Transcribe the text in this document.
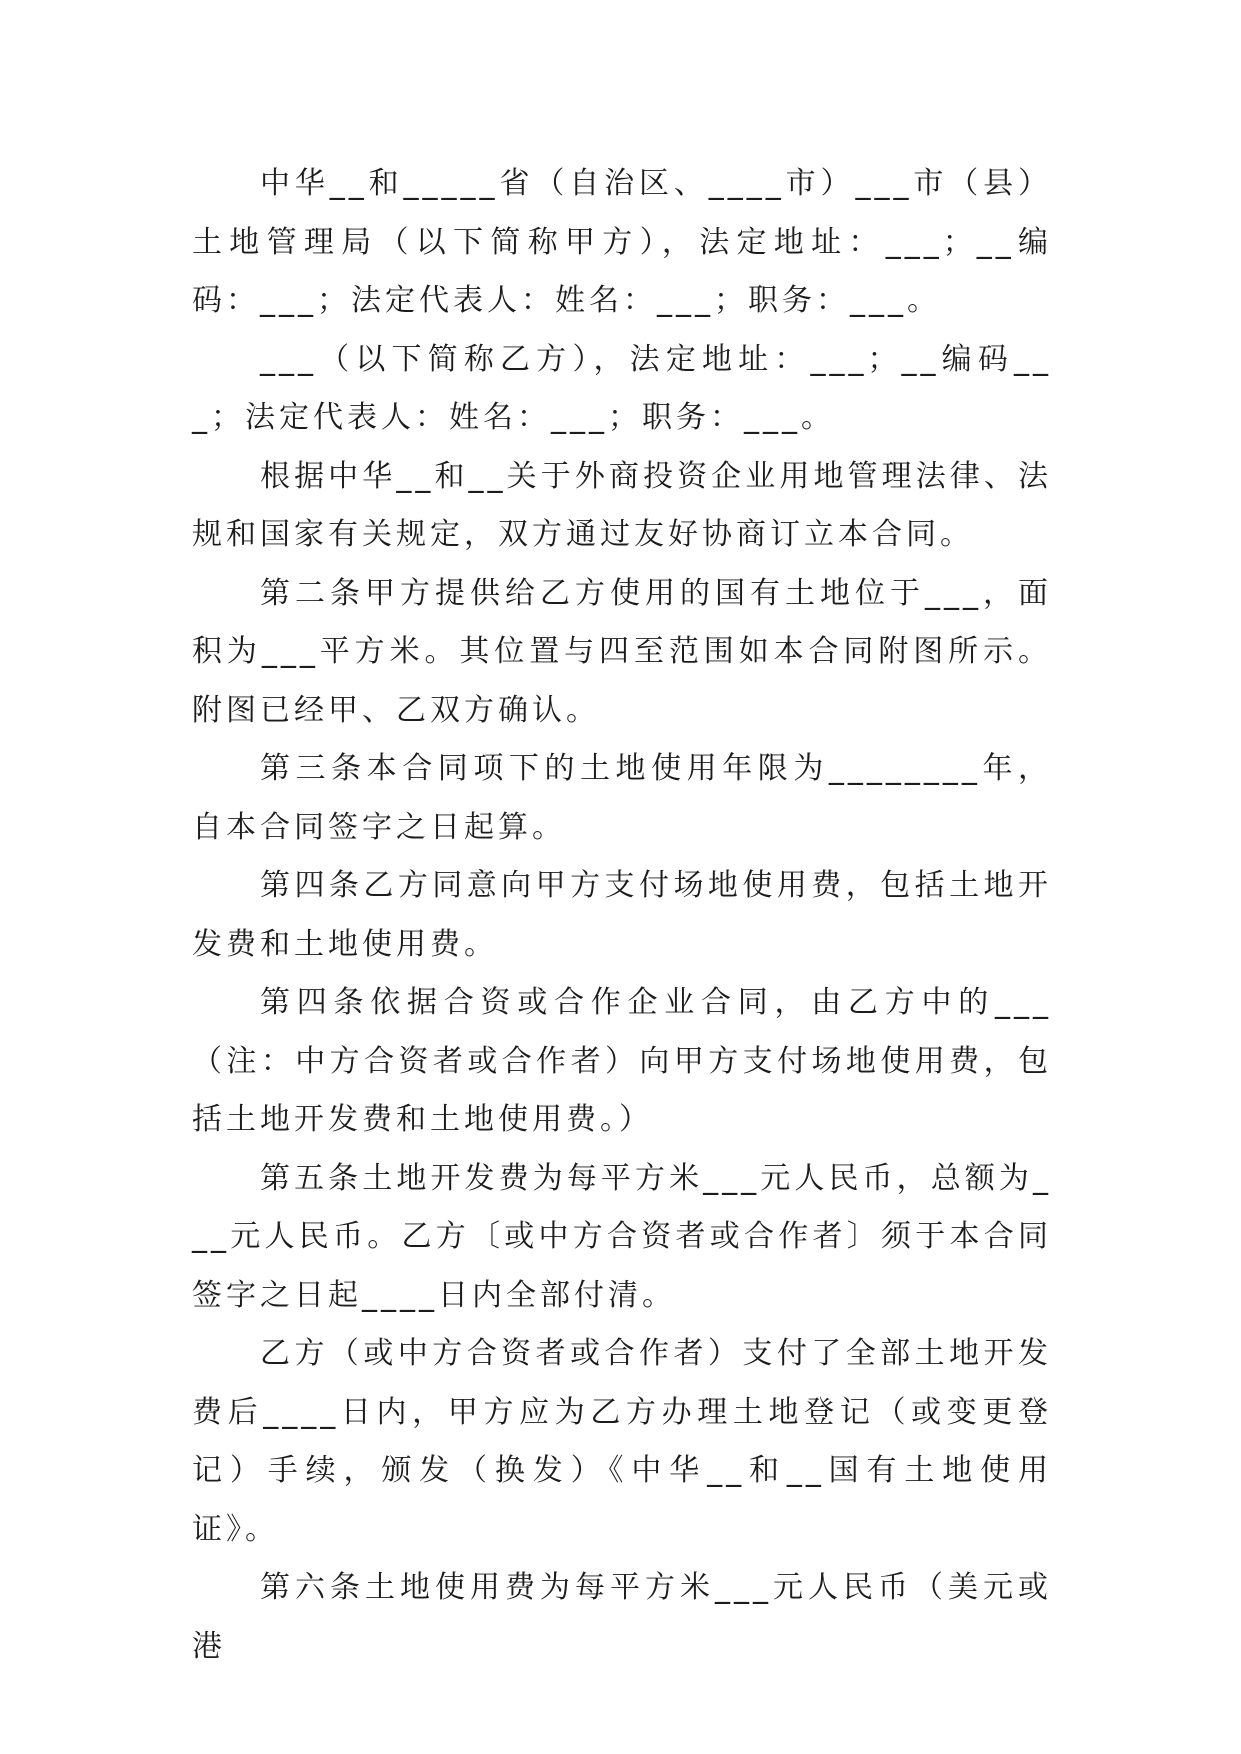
中华__和_____省（自治区、____市）___市（县）土地管理局（以下简称甲方），法定地址：___；__编码：___；法定代表人：姓名：___；职务：___。

___（以下简称乙方），法定地址：___；__编码___；法定代表人：姓名：___；职务：___。

根据中华__和__关于外商投资企业用地管理法律、法规和国家有关规定，双方通过友好协商订立本合同。

第二条甲方提供给乙方使用的国有土地位于___，面积为___平方米。其位置与四至范围如本合同附图所示。附图已经甲、乙双方确认。

第三条本合同项下的土地使用年限为________年，自本合同签字之日起算。

第四条乙方同意向甲方支付场地使用费，包括土地开发费和土地使用费。

第四条依据合资或合作企业合同，由乙方中的___（注：中方合资者或合作者）向甲方支付场地使用费，包括土地开发费和土地使用费。）

第五条土地开发费为每平方米___元人民币，总额为___元人民币。乙方〔或中方合资者或合作者〕须于本合同签字之日起____日内全部付清。

乙方（或中方合资者或合作者）支付了全部土地开发费后____日内，甲方应为乙方办理土地登记（或变更登记）手续，颁发（换发）《中华__和__国有土地使用证》。

第六条土地使用费为每平方米___元人民币（美元或港
